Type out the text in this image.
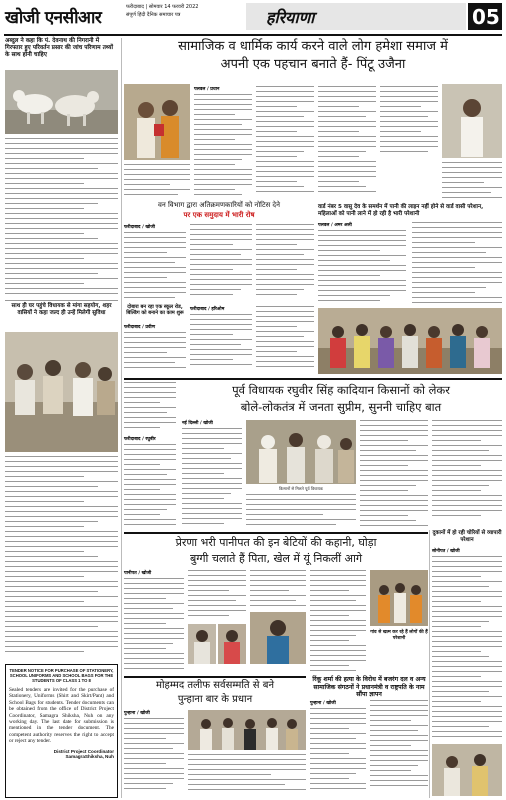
खोजी एनसीआर
फरीदाबाद | सोमवार 14 फरवरी 2022
संपूर्ण हिंदी दैनिक समाचार पत्र	हरियाणा	05
अब्दुल ने कहा कि पं. देवनाथ की निगरानी में गिरफ्तार हुए परिवर्तन प्रसार की जांच परिणाम तथ्यों के साथ होनी चाहिए
साथ ही घर पहुंचे विधायक से मांगा सहयोग, शहर वासियों ने कहा जल्द ही उन्हें मिलेगी सुविधा
TENDER NOTICE FOR PURCHASE OF STATIONERY, SCHOOL UNIFORMS AND SCHOOL BAGS FOR THE STUDENTS OF CLASS 1 TO 8
Sealed tenders are invited for the purchase of Stationery, Uniforms (Shirt and Skirt/Pant) and School Bags for students. Tender documents can be obtained from the office of District Project Coordinator, Samagra Shiksha, Nuh on any working day. The last date for submission is mentioned in the tender document. The competent authority reserves the right to accept or reject any tender.
District Project Coordinator
SamagraShiksha, Nuh
सामाजिक व धार्मिक कार्य करने वाले लोग हमेशा समाज में
अपनी एक पहचान बनाते हैं- पिंटू उजैना
पलवल / प्रधान
वन विभाग द्वारा अतिक्रमणकारियों को नोटिस देने
पर एक समुदाय में भारी रोष
वार्ड नंबर 5 वासु देव के समर्थन में पानी की लाइन नहीं होने से वार्ड वासी परेशान, महिलाओं को पानी लाने में हो रही है भारी परेशानी
फरीदाबाद / खोजी	पलवल / अमर अली
दोबारा बन रहा एक स्कूल रोड, बिल्डिंग को बनाने का काम शुरू
फरीदाबाद / प्रवीण
फरीदाबाद / हरिओम
पूर्व विधायक रघुवीर सिंह कादियान किसानों को लेकर
बोले-लोकतंत्र में जनता सुप्रीम, सुननी चाहिए बात
नई दिल्ली / खोजी
किसानों से मिलते पूर्व विधायक
फरीदाबाद / रघुबीर
प्रेरणा भरी पानीपत की इन बेटियों की कहानी, घोड़ा
बुग्गी चलाते हैं पिता, खेल में यूं निकलीं आगे
दुकानों में हो रही चोरियों से व्यापारी परेशान
सोनीपत / खोजी
पानीपत / खोजी
गांव से खत्म कर रहे हैं लोगों की हैं परेशानी
रिंकू शर्मा की हत्या के विरोध में बजरंग दल व अन्य सामाजिक संगठनों ने प्रधानमंत्री व राष्ट्रपति के नाम सौंपा ज्ञापन
मोहम्मद तलीफ सर्वसम्मति से बने
पुन्हाना बार के प्रधान
पुन्हाना / खोजी
पुन्हाना / खोजी
